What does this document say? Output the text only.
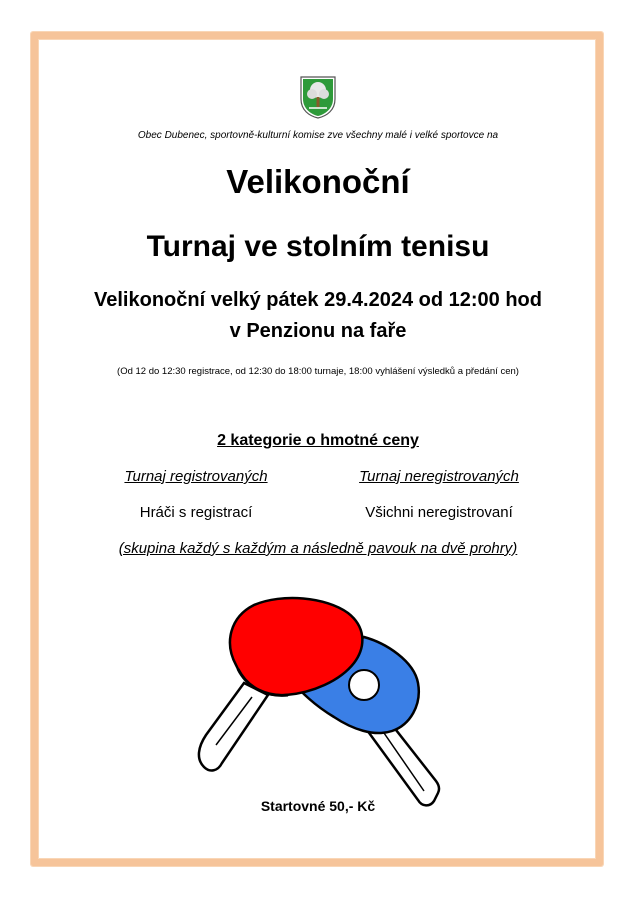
Obec Dubenec, sportovně-kulturní komise zve všechny malé i velké sportovce na
Velikonoční
Turnaj ve stolním tenisu
Velikonoční velký pátek 29.4.2024 od 12:00 hod
v Penzionu na faře
(Od 12 do 12:30 registrace, od 12:30 do 18:00 turnaje, 18:00 vyhlášení výsledků a předání cen)
2 kategorie o hmotné ceny
Turnaj registrovaných	Turnaj neregistrovaných
Hráči s registrací	Všichni neregistrovaní
(skupina každý s každým a následně pavouk na dvě prohry)
Startovné 50,- Kč
